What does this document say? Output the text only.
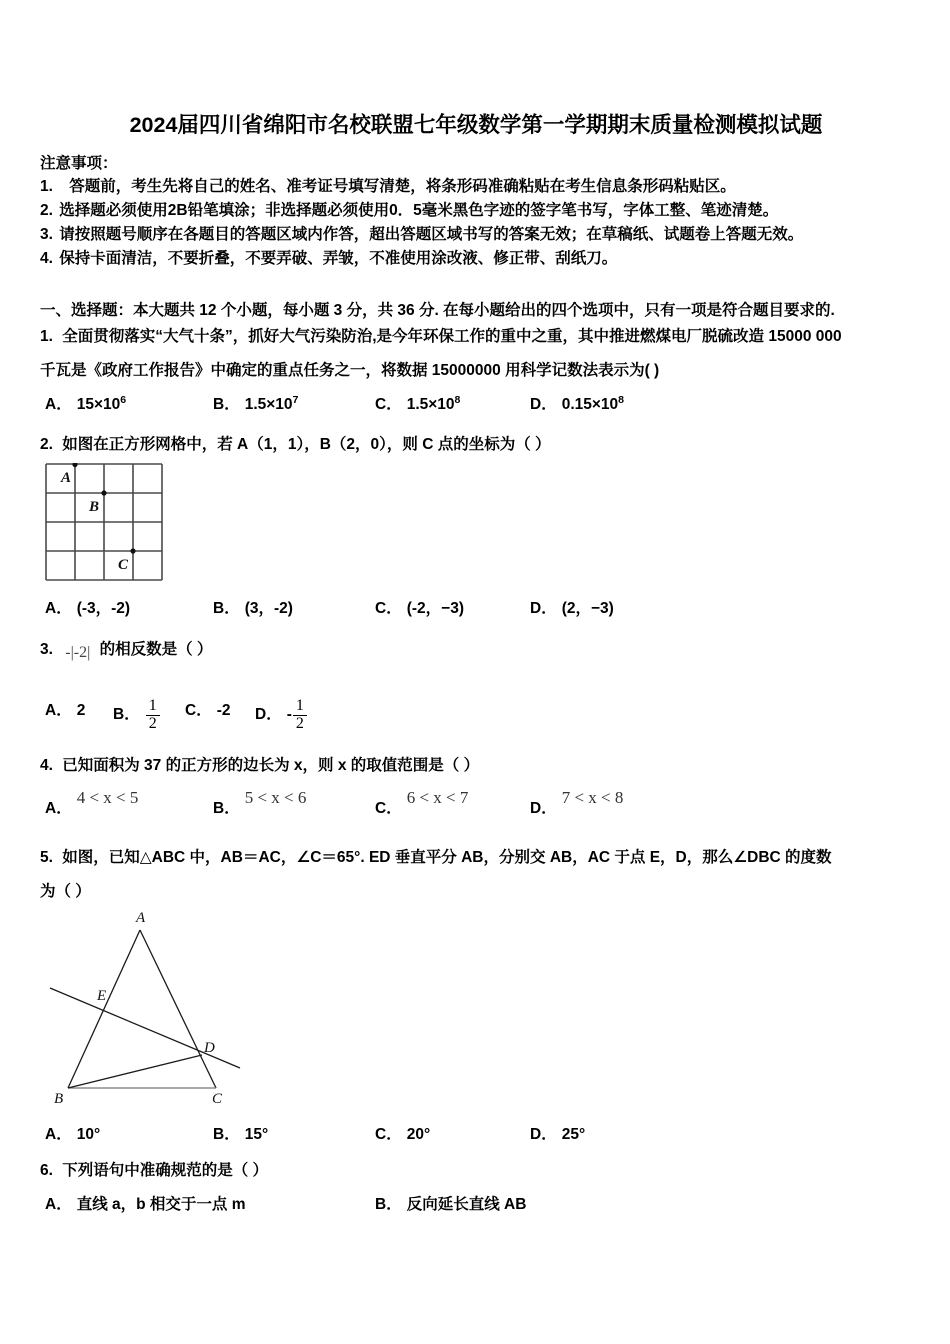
2024届四川省绵阳市名校联盟七年级数学第一学期期末质量检测模拟试题
注意事项：
1. 答题前，考生先将自己的姓名、准考证号填写清楚，将条形码准确粘贴在考生信息条形码粘贴区。
2. 选择题必须使用2B铅笔填涂；非选择题必须使用0．5毫米黑色字迹的签字笔书写，字体工整、笔迹清楚。
3. 请按照题号顺序在各题目的答题区域内作答，超出答题区域书写的答案无效；在草稿纸、试题卷上答题无效。
4. 保持卡面清洁，不要折叠，不要弄破、弄皱，不准使用涂改液、修正带、刮纸刀。
一、选择题：本大题共 12 个小题，每小题 3 分，共 36 分. 在每小题给出的四个选项中，只有一项是符合题目要求的.
1. 全面贯彻落实“大气十条”，抓好大气污染防治,是今年环保工作的重中之重，其中推进燃煤电厂脱硫改造 15000 000
千瓦是《政府工作报告》中确定的重点任务之一，将数据 15000000 用科学记数法表示为( )
A． $15\times 10^6$	B． $1.5\times 10^7$	C． $1.5\times 10^8$	D． $0.15\times 10^8$
2. 如图在正方形网格中，若 A（1，1），B（2，0），则 C 点的坐标为（ ）
A
B
C
A． (-3，-2)	B． (3，-2)	C． (-2，−3)	D． (2，−3)
3. -|-2| 的相反数是（ ）
A． 2 B． $\frac{1}{2}$ C． -2 D． - $\frac{1}{2}$
4. 已知面积为 37 的正方形的边长为 x，则 x 的取值范围是（ ）
A．4 < x < 5
B．5 < x < 6
C．6 < x < 7
D．7 < x < 8
5. 如图，已知△ABC 中，AB＝AC，∠C＝65°. ED 垂直平分 AB，分别交 AB，AC 于点 E，D，那么∠DBC 的度数
为（ ）
A
B	C
E
D
A． 10°	B． 15°	C． 20°	D． 25°
6. 下列语句中准确规范的是（ ）
A． 直线 a，b 相交于一点 m	B． 反向延长直线 AB
